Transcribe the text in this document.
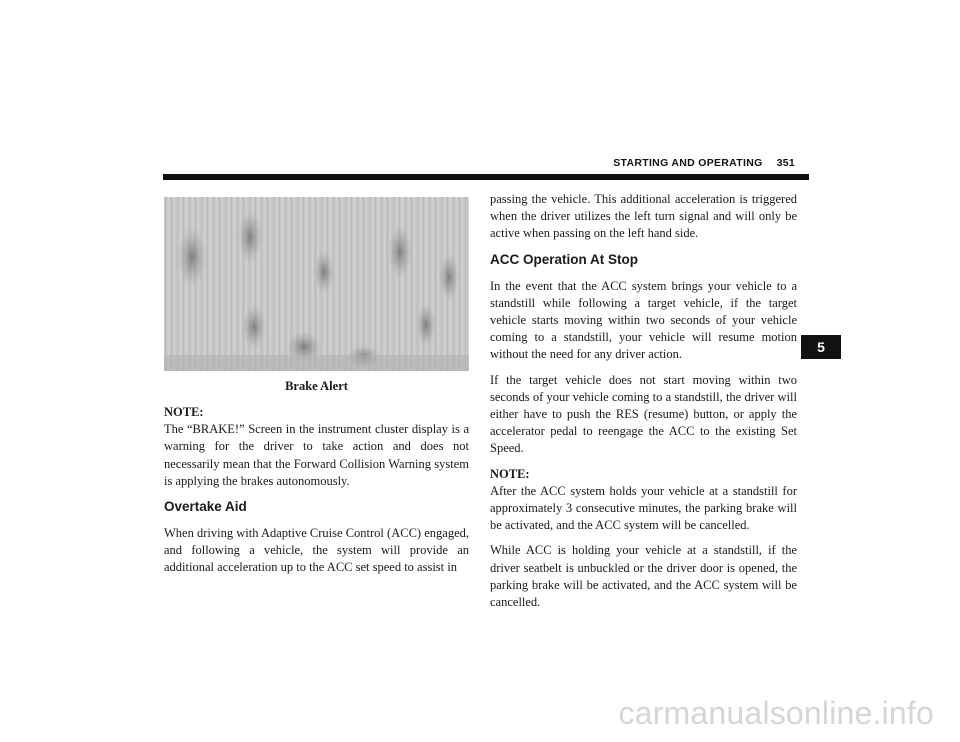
STARTING AND OPERATING 351
Brake Alert

NOTE:

The “BRAKE!” Screen in the instrument cluster display is a warning for the driver to take action and does not necessarily mean that the Forward Collision Warning system is applying the brakes autonomously.

Overtake Aid

When driving with Adaptive Cruise Control (ACC) engaged, and following a vehicle, the system will provide an additional acceleration up to the ACC set speed to assist in

passing the vehicle. This additional acceleration is triggered when the driver utilizes the left turn signal and will only be active when passing on the left hand side.

ACC Operation At Stop

In the event that the ACC system brings your vehicle to a standstill while following a target vehicle, if the target vehicle starts moving within two seconds of your vehicle coming to a standstill, your vehicle will resume motion without the need for any driver action.

If the target vehicle does not start moving within two seconds of your vehicle coming to a standstill, the driver will either have to push the RES (resume) button, or apply the accelerator pedal to reengage the ACC to the existing Set Speed.

NOTE:

After the ACC system holds your vehicle at a standstill for approximately 3 consecutive minutes, the parking brake will be activated, and the ACC system will be cancelled.

While ACC is holding your vehicle at a standstill, if the driver seatbelt is unbuckled or the driver door is opened, the parking brake will be activated, and the ACC system will be cancelled.

5
carmanualsonline.info
